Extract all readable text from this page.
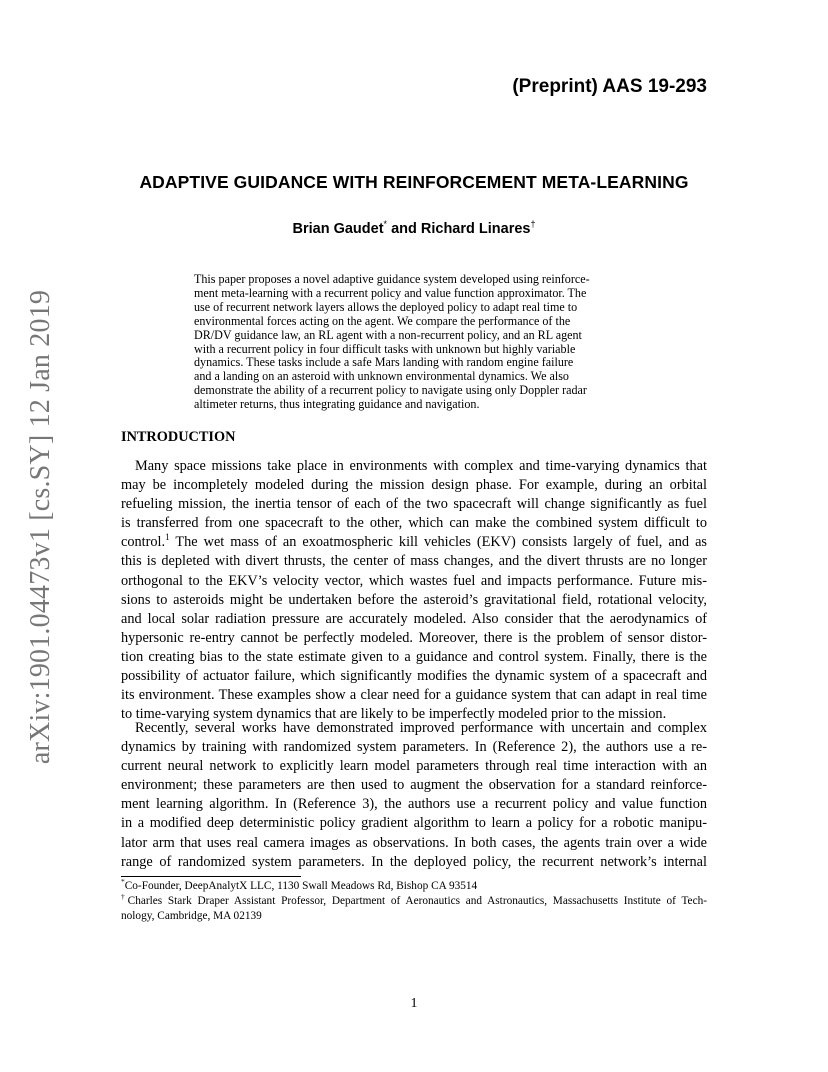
(Preprint) AAS 19-293
ADAPTIVE GUIDANCE WITH REINFORCEMENT META-LEARNING
Brian Gaudet* and Richard Linares†
This paper proposes a novel adaptive guidance system developed using reinforce-
ment meta-learning with a recurrent policy and value function approximator. The
use of recurrent network layers allows the deployed policy to adapt real time to
environmental forces acting on the agent. We compare the performance of the
DR/DV guidance law, an RL agent with a non-recurrent policy, and an RL agent
with a recurrent policy in four difficult tasks with unknown but highly variable
dynamics. These tasks include a safe Mars landing with random engine failure
and a landing on an asteroid with unknown environmental dynamics. We also
demonstrate the ability of a recurrent policy to navigate using only Doppler radar
altimeter returns, thus integrating guidance and navigation.
arXiv:1901.04473v1 [cs.SY] 12 Jan 2019	INTRODUCTION
Many space missions take place in environments with complex and time-varying dynamics that
may be incompletely modeled during the mission design phase. For example, during an orbital
refueling mission, the inertia tensor of each of the two spacecraft will change significantly as fuel
is transferred from one spacecraft to the other, which can make the combined system difficult to
control.$^1$ The wet mass of an exoatmospheric kill vehicles (EKV) consists largely of fuel, and as
this is depleted with divert thrusts, the center of mass changes, and the divert thrusts are no longer
orthogonal to the EKV’s velocity vector, which wastes fuel and impacts performance. Future mis-
sions to asteroids might be undertaken before the asteroid’s gravitational field, rotational velocity,
and local solar radiation pressure are accurately modeled. Also consider that the aerodynamics of
hypersonic re-entry cannot be perfectly modeled. Moreover, there is the problem of sensor distor-
tion creating bias to the state estimate given to a guidance and control system. Finally, there is the
possibility of actuator failure, which significantly modifies the dynamic system of a spacecraft and
its environment. These examples show a clear need for a guidance system that can adapt in real time
to time-varying system dynamics that are likely to be imperfectly modeled prior to the mission.
Recently, several works have demonstrated improved performance with uncertain and complex
dynamics by training with randomized system parameters. In (Reference 2), the authors use a re-
current neural network to explicitly learn model parameters through real time interaction with an
environment; these parameters are then used to augment the observation for a standard reinforce-
ment learning algorithm. In (Reference 3), the authors use a recurrent policy and value function
in a modified deep deterministic policy gradient algorithm to learn a policy for a robotic manipu-
lator arm that uses real camera images as observations. In both cases, the agents train over a wide
range of randomized system parameters. In the deployed policy, the recurrent network’s internal
*Co-Founder, DeepAnalytX LLC, 1130 Swall Meadows Rd, Bishop CA 93514
†Charles Stark Draper Assistant Professor, Department of Aeronautics and Astronautics, Massachusetts Institute of Tech-
nology, Cambridge, MA 02139
1
